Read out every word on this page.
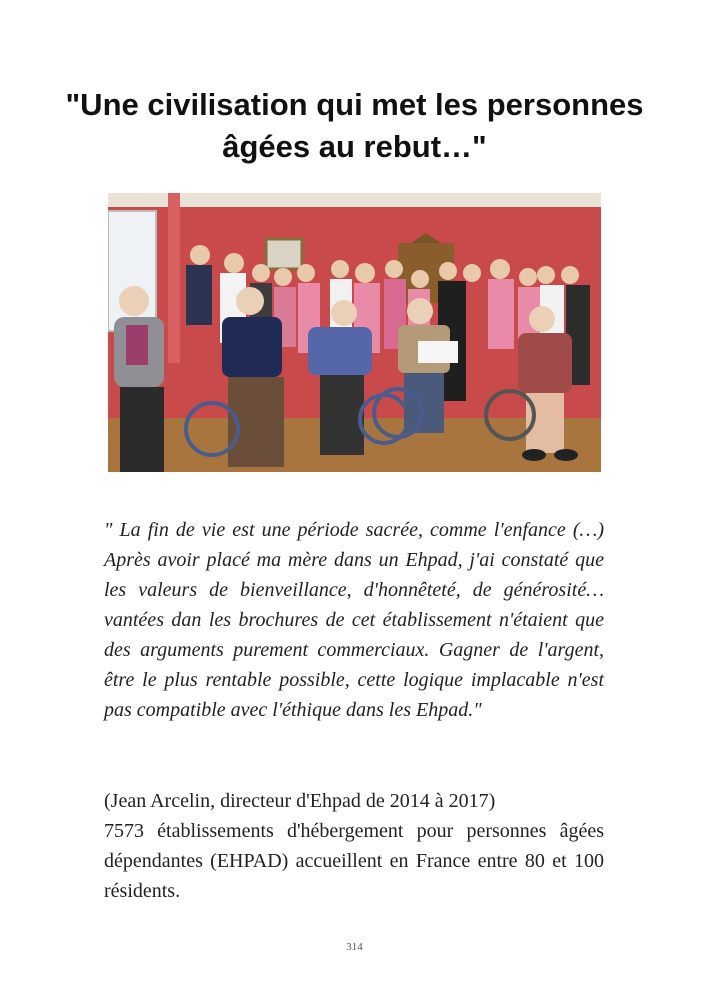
"Une civilisation qui met les personnes âgées au rebut…"

" La fin de vie est une période sacrée, comme l'enfance (…) Après avoir placé ma mère dans un Ehpad, j'ai constaté que les valeurs de bienveillance, d'honnêteté, de générosité… vantées dan les brochures de cet établissement n'étaient que des arguments purement commerciaux. Gagner de l'argent, être le plus rentable possible, cette logique implacable n'est pas compatible avec l'éthique dans les Ehpad."

(Jean Arcelin, directeur d'Ehpad de 2014 à 2017)

7573 établissements d'hébergement pour personnes âgées dépendantes (EHPAD) accueillent en France entre 80 et 100 résidents.

314
